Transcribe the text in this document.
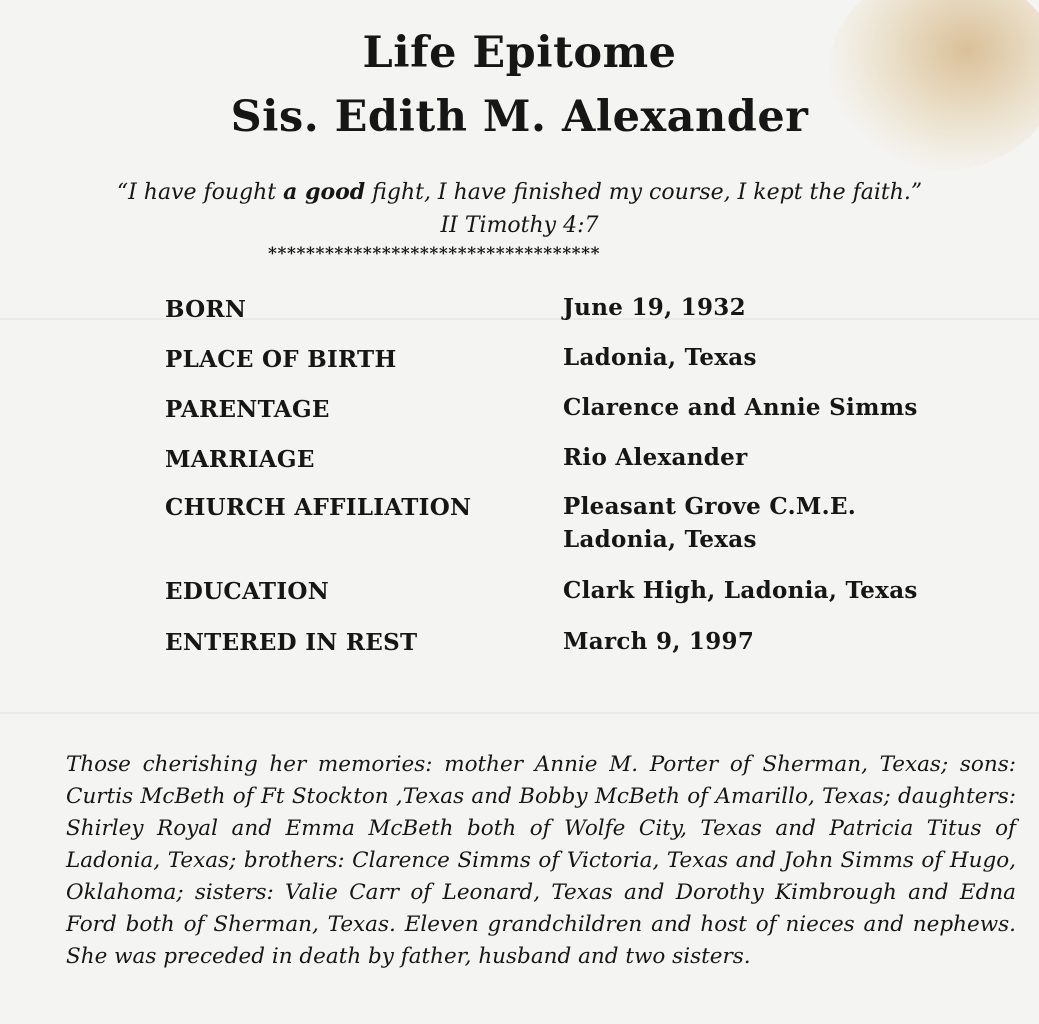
Life Epitome
Sis. Edith M. Alexander
“I have fought a good fight, I have finished my course, I kept the faith.”
II Timothy 4:7
***********************************
BORN	June 19, 1932
PLACE OF BIRTH	Ladonia, Texas
PARENTAGE	Clarence and Annie Simms
MARRIAGE	Rio Alexander
CHURCH AFFILIATION	Pleasant Grove C.M.E.
Ladonia, Texas
EDUCATION	Clark High, Ladonia, Texas
ENTERED IN REST	March 9, 1997

Those cherishing her memories: mother Annie M. Porter of Sherman, Texas; sons: Curtis McBeth of Ft Stockton ,Texas and Bobby McBeth of Amarillo, Texas; daughters: Shirley Royal and Emma McBeth both of Wolfe City, Texas and Patricia Titus of Ladonia, Texas; brothers: Clarence Simms of Victoria, Texas and John Simms of Hugo, Oklahoma; sisters: Valie Carr of Leonard, Texas and Dorothy Kimbrough and Edna Ford both of Sherman, Texas. Eleven grandchildren and host of nieces and nephews. She was preceded in death by father, husband and two sisters.
